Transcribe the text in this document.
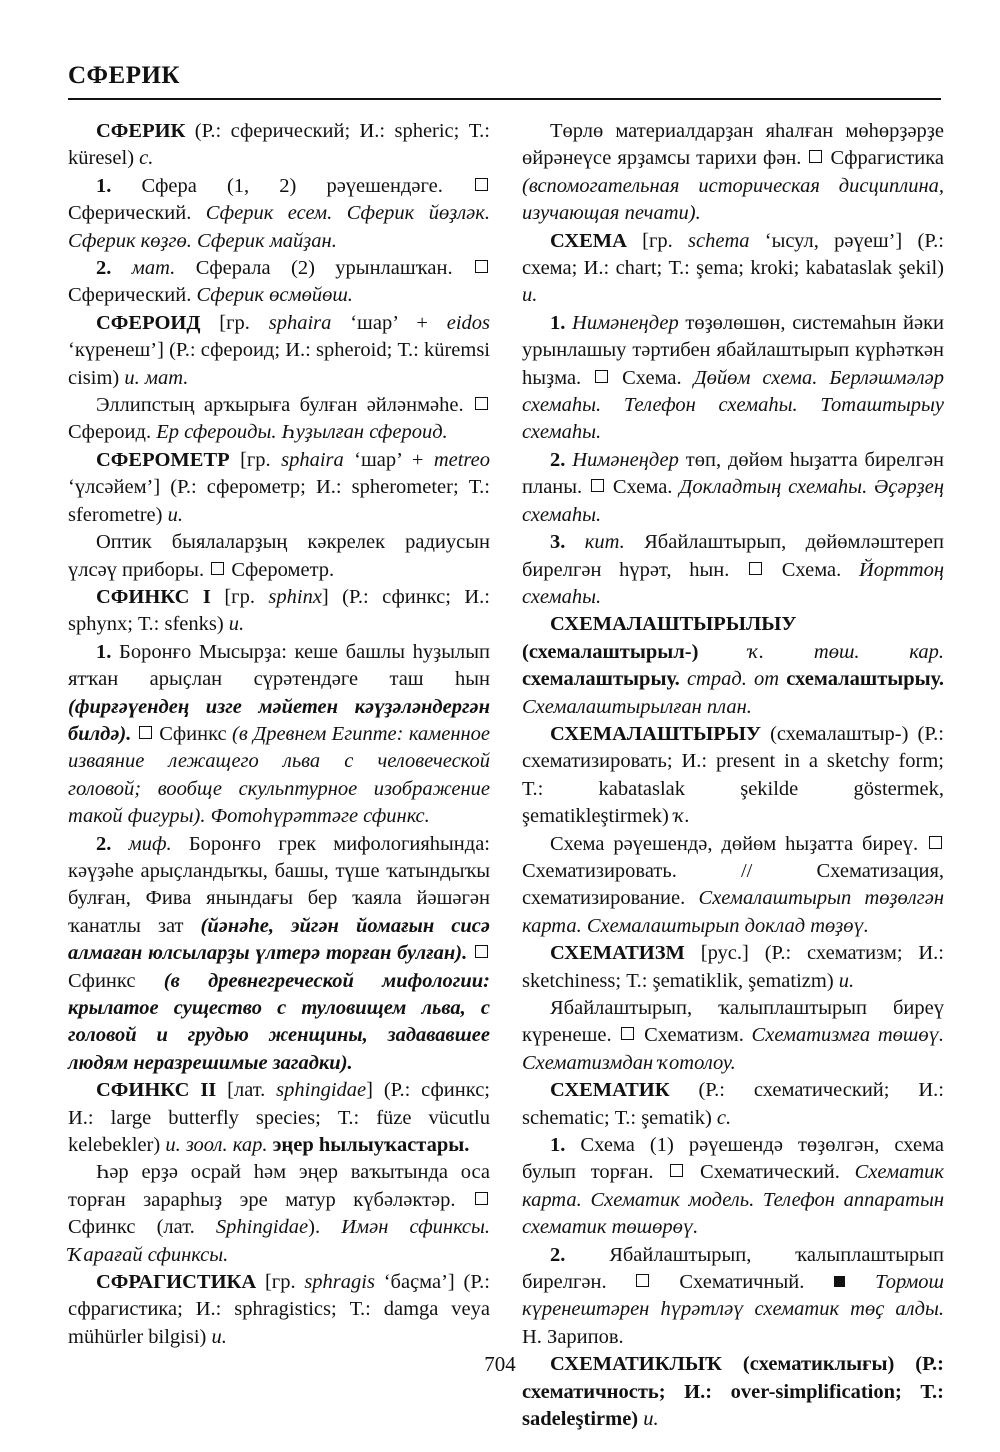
СФЕРИК

СФЕРИК (Р.: сферический; И.: spheric; Т.: küresel) с.

1. Сфера (1, 2) рәүешендәге.  Сферический. Сферик есем. Сферик йөҙләк. Сферик көҙгө. Сферик майҙан.

2. мат. Сферала (2) урынлашҡан.  Сферический. Сферик өсмөйөш.

СФЕРОИД [гр. sphaira ‘шар’ + eidos ‘күренеш’] (Р.: сфероид; И.: spheroid; Т.: küremsi cisim) и. мат.

Эллипстың арҡырыға булған әйләнмәһе.  Сфероид. Ер сфероиды. Һуҙылған сфероид.

СФЕРОМЕТР [гр. sphaira ‘шар’ + metreo ‘үлсәйем’] (Р.: сферометр; И.: spherometer; Т.: sferometre) и.

Оптик быялаларҙың кәкрелек радиусын үлсәү приборы.  Сферометр.

СФИНКС I [гр. sphinx] (Р.: сфинкс; И.: sphynx; Т.: sfenks) и.

1. Боронғо Мысырҙа: кеше башлы һуҙылып ятҡан арыҫлан сүрәтендәге таш һын (фирғәүендең изге мәйетен кәүҙәләндергән билдә). Сфинкс (в Древнем Египте: каменное изваяние лежащего льва с человеческой головой; вообще скульптурное изображение такой фигуры). Фотоһүрәттәге сфинкс.

2. миф. Боронғо грек мифологияһында: кәүҙәһе арыҫландыҡы, башы, түше ҡатындыҡы булған, Фива янындағы бер ҡаяла йәшәгән ҡанатлы зат (йәнәһе, эйгән йомағын сисә алмаған юлсыларҙы үлтерә торған булған).  Сфинкс (в древнегреческой мифологии: крылатое существо с туловищем льва, с головой и грудью женщины, задававшее людям неразрешимые загадки).

СФИНКС II [лат. sphingidae] (Р.: сфинкс; И.: large butterfly species; Т.: füze vücutlu kelebekler) и. зоол. кар. эңер һылыуҡастары.

Һәр ерҙә осрай һәм эңер ваҡытында оса торған зарарһыҙ эре матур күбәләктәр.  Сфинкс (лат. Sphingidae). Имән сфинксы. Ҡарағай сфинксы.

СФРАГИСТИКА [гр. sphragis ‘баҫма’] (Р.: сфрагистика; И.: sphragistics; Т.: damga veya mühürler bilgisi) и.

Төрлө материалдарҙан яһалған мөһөрҙәрҙе өйрәнеүсе ярҙамсы тарихи фән.  Сфрагистика (вспомогательная историческая дисциплина, изучающая печати).

СХЕМА [гр. schema ‘ысул, рәүеш’] (Р.: схема; И.: chart; Т.: şema; kroki; kabataslak şekil) и.

1. Нимәнеңдер төҙөлөшөн, системаһын йәки урынлашыу тәртибен ябайлаштырып күрһәткән һыҙма.  Схема. Дөйөм схема. Берләшмәләр схемаһы. Телефон схемаһы. Тоташтырыу схемаһы.

2. Нимәнеңдер төп, дөйөм һыҙатта бирелгән планы.  Схема. Докладтың схемаһы. Әҫәрҙең схемаһы.

3. кит. Ябайлаштырып, дөйөмләштереп бирелгән һүрәт, һын.  Схема. Йорттоң схемаһы.

СХЕМАЛАШТЫРЫЛЫУ (схемалаштырыл-) ҡ. төш. кар. схемалаштырыу. страд. от схемалаштырыу. Схемалаштырылған план.

СХЕМАЛАШТЫРЫУ (схемалаштыр-) (Р.: схематизировать; И.: present in a sketchy form; Т.: kabataslak şekilde göstermek, şematikleştirmek) ҡ.

Схема рәүешендә, дөйөм һыҙатта биреү.  Схематизировать. // Схематизация, схематизирование. Схемалаштырып төҙөлгән карта. Схемалаштырып доклад төҙөү.

СХЕМАТИЗМ [рус.] (Р.: схематизм; И.: sketchiness; Т.: şematiklik, şematizm) и.

Ябайлаштырып, ҡалыплаштырып биреү күренеше.  Схематизм. Схематизмға төшөү. Схематизмдан ҡотолоу.

СХЕМАТИК (Р.: схематический; И.: schematic; Т.: şematik) с.

1. Схема (1) рәүешендә төҙөлгән, схема булып торған.  Схематический. Схематик карта. Схематик модель. Телефон аппаратын схематик төшөрөү.

2. Ябайлаштырып, ҡалыплаштырып бирелгән.  Схематичный.  Тормош күренештәрен һүрәтләү схематик төҫ алды. Н. Зарипов.

СХЕМАТИКЛЫҠ (схематиклығы) (Р.: схематичность; И.: over-simplification; Т.: sadeleştirme) и.

704
